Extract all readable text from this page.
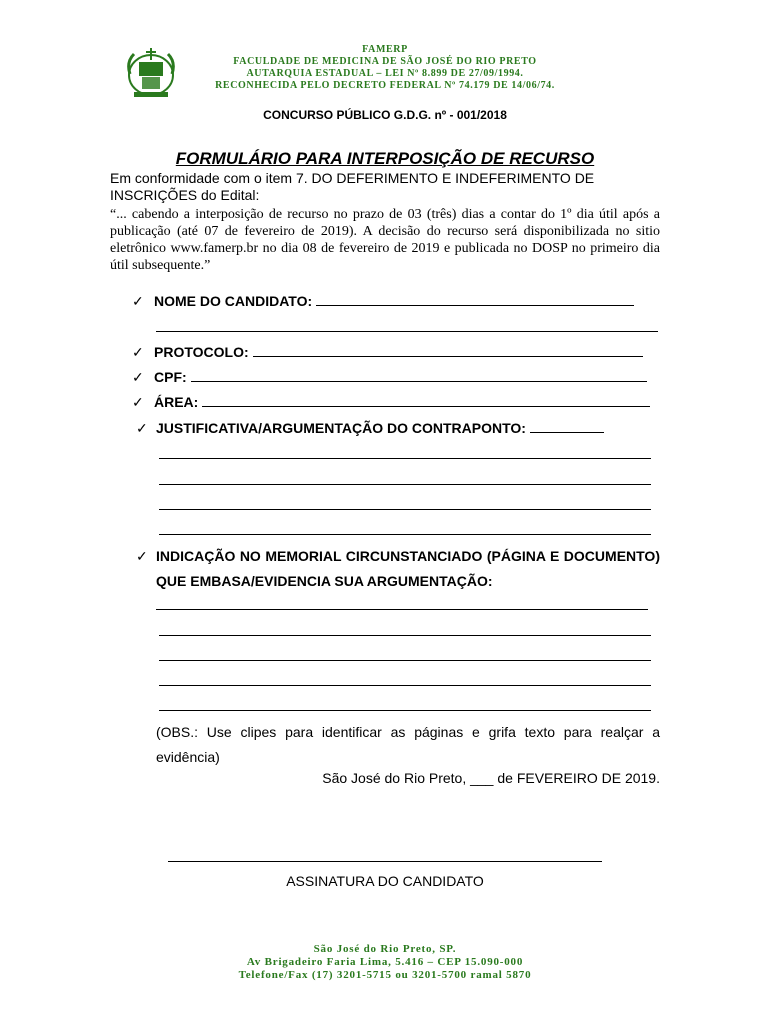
FAMERP
FACULDADE DE MEDICINA DE SÃO JOSÉ DO RIO PRETO
AUTARQUIA ESTADUAL – LEI Nº 8.899 DE 27/09/1994.
RECONHECIDA PELO DECRETO FEDERAL Nº 74.179 DE 14/06/74.
CONCURSO PÚBLICO G.D.G. nº - 001/2018
FORMULÁRIO PARA INTERPOSIÇÃO DE RECURSO
Em conformidade com o item 7. DO DEFERIMENTO E INDEFERIMENTO DE INSCRIÇÕES do Edital:
“... cabendo a interposição de recurso no prazo de 03 (três) dias a contar do 1º dia útil após a publicação (até 07 de fevereiro de 2019). A decisão do recurso será disponibilizada no sitio eletrônico www.famerp.br no dia 08 de fevereiro de 2019 e publicada no DOSP no primeiro dia útil subsequente.”
✓ NOME DO CANDIDATO:
✓ PROTOCOLO:
✓ CPF:
✓ ÁREA:
✓ JUSTIFICATIVA/ARGUMENTAÇÃO DO CONTRAPONTO:
✓ INDICAÇÃO NO MEMORIAL CIRCUNSTANCIADO (PÁGINA E DOCUMENTO) QUE EMBASA/EVIDENCIA SUA ARGUMENTAÇÃO:
(OBS.: Use clipes para identificar as páginas e grifa texto para realçar a evidência)
São José do Rio Preto, ___ de FEVEREIRO DE 2019.
ASSINATURA DO CANDIDATO
São José do Rio Preto, SP.
Av Brigadeiro Faria Lima, 5.416 – CEP 15.090-000
Telefone/Fax (17) 3201-5715 ou 3201-5700 ramal 5870
